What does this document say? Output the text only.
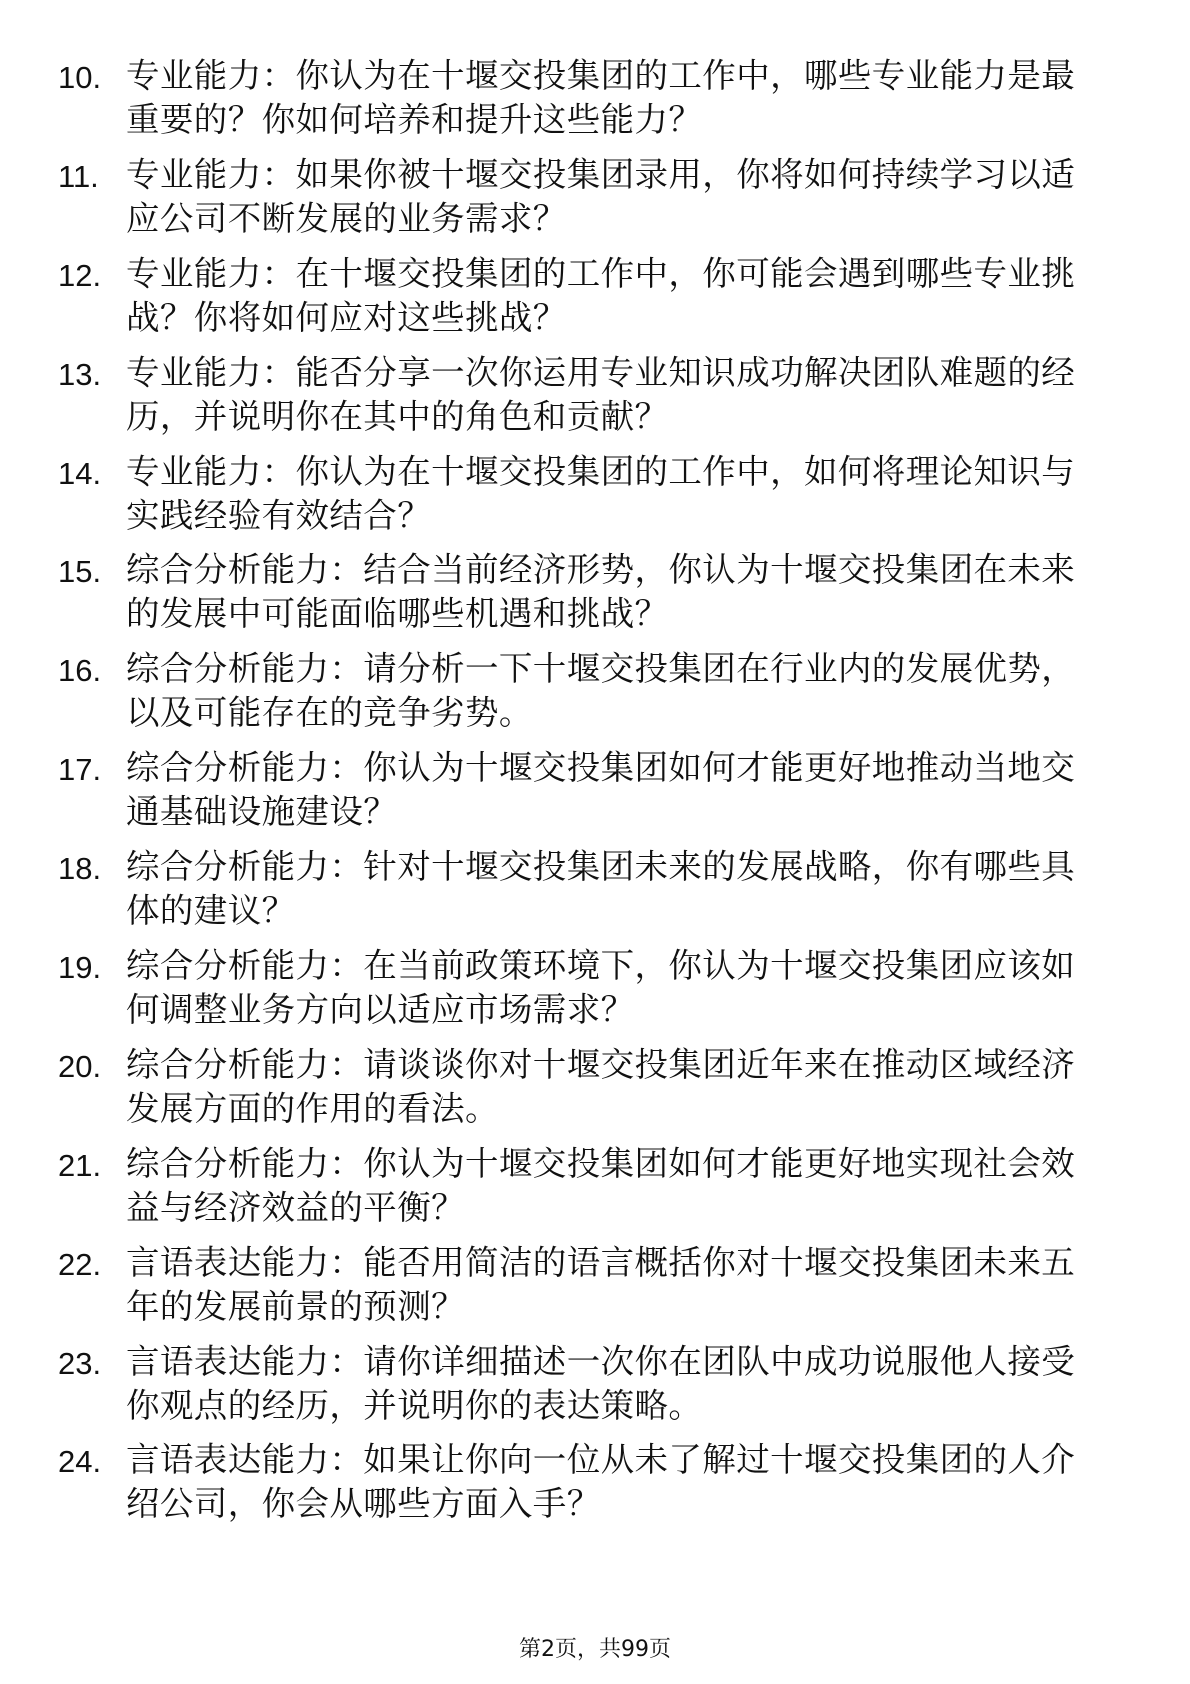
10. 专业能力：你认为在十堰交投集团的工作中，哪些专业能力是最重要的？你如何培养和提升这些能力？
11. 专业能力：如果你被十堰交投集团录用，你将如何持续学习以适应公司不断发展的业务需求？
12. 专业能力：在十堰交投集团的工作中，你可能会遇到哪些专业挑战？你将如何应对这些挑战？
13. 专业能力：能否分享一次你运用专业知识成功解决团队难题的经历，并说明你在其中的角色和贡献？
14. 专业能力：你认为在十堰交投集团的工作中，如何将理论知识与实践经验有效结合？
15. 综合分析能力：结合当前经济形势，你认为十堰交投集团在未来的发展中可能面临哪些机遇和挑战？
16. 综合分析能力：请分析一下十堰交投集团在行业内的发展优势，以及可能存在的竞争劣势。
17. 综合分析能力：你认为十堰交投集团如何才能更好地推动当地交通基础设施建设？
18. 综合分析能力：针对十堰交投集团未来的发展战略，你有哪些具体的建议？
19. 综合分析能力：在当前政策环境下，你认为十堰交投集团应该如何调整业务方向以适应市场需求？
20. 综合分析能力：请谈谈你对十堰交投集团近年来在推动区域经济发展方面的作用的看法。
21. 综合分析能力：你认为十堰交投集团如何才能更好地实现社会效益与经济效益的平衡？
22. 言语表达能力：能否用简洁的语言概括你对十堰交投集团未来五年的发展前景的预测？
23. 言语表达能力：请你详细描述一次你在团队中成功说服他人接受你观点的经历，并说明你的表达策略。
24. 言语表达能力：如果让你向一位从未了解过十堰交投集团的人介绍公司，你会从哪些方面入手？
第2页，共99页
